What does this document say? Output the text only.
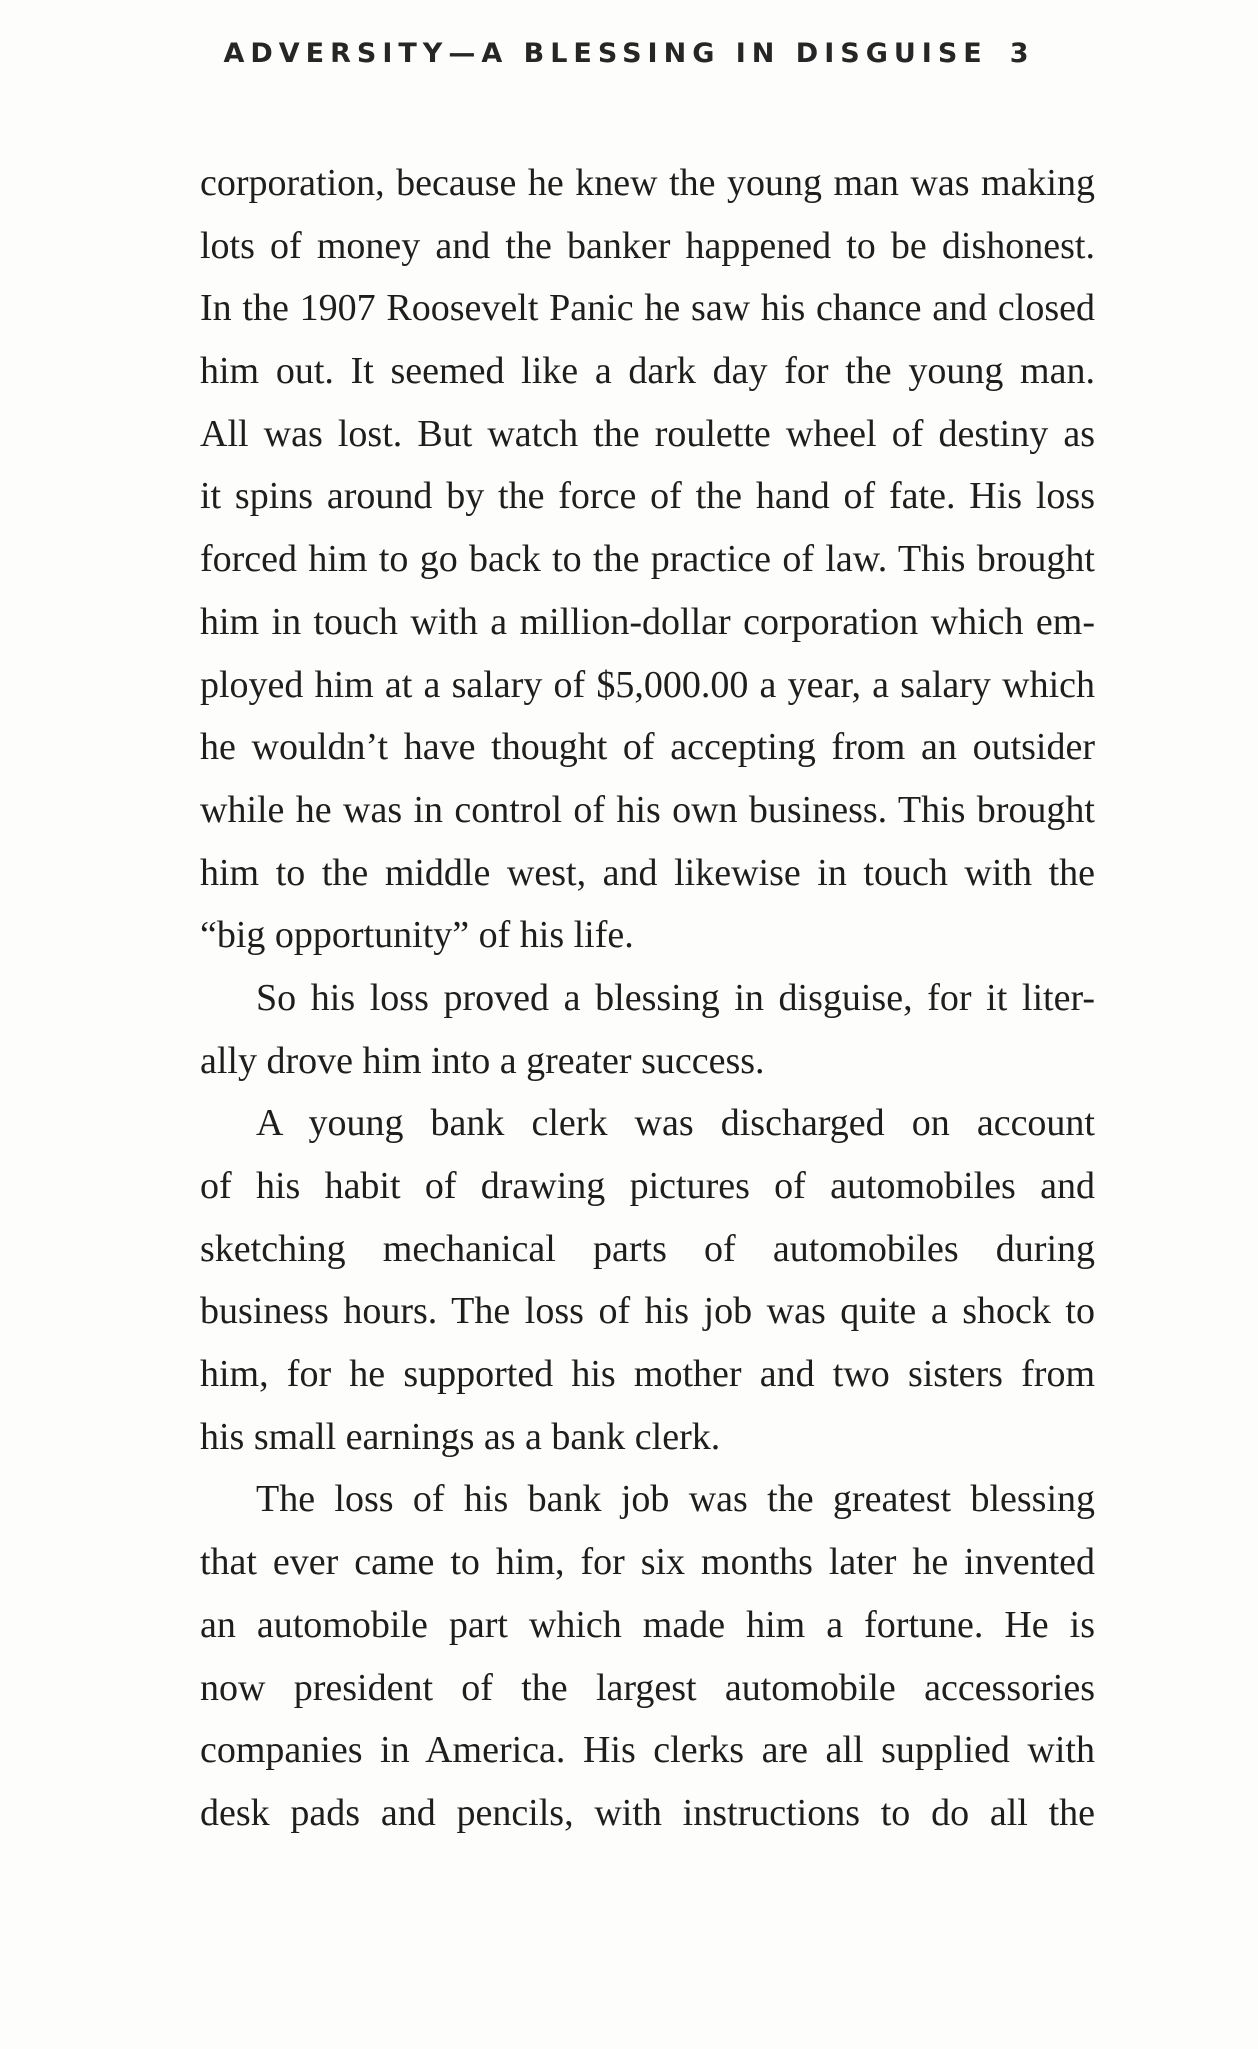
ADVERSITY—A BLESSING IN DISGUISE 3
corporation, because he knew the young man was making
lots of money and the banker happened to be dishonest.
In the 1907 Roosevelt Panic he saw his chance and closed
him out. It seemed like a dark day for the young man.
All was lost. But watch the roulette wheel of destiny as
it spins around by the force of the hand of fate. His loss
forced him to go back to the practice of law. This brought
him in touch with a million-dollar corporation which em-
ployed him at a salary of $5,000.00 a year, a salary which
he wouldn’t have thought of accepting from an outsider
while he was in control of his own business. This brought
him to the middle west, and likewise in touch with the
“big opportunity” of his life.
So his loss proved a blessing in disguise, for it liter-
ally drove him into a greater success.
A young bank clerk was discharged on account
of his habit of drawing pictures of automobiles and
sketching mechanical parts of automobiles during
business hours. The loss of his job was quite a shock to
him, for he supported his mother and two sisters from
his small earnings as a bank clerk.
The loss of his bank job was the greatest blessing
that ever came to him, for six months later he invented
an automobile part which made him a fortune. He is
now president of the largest automobile accessories
companies in America. His clerks are all supplied with
desk pads and pencils, with instructions to do all the
